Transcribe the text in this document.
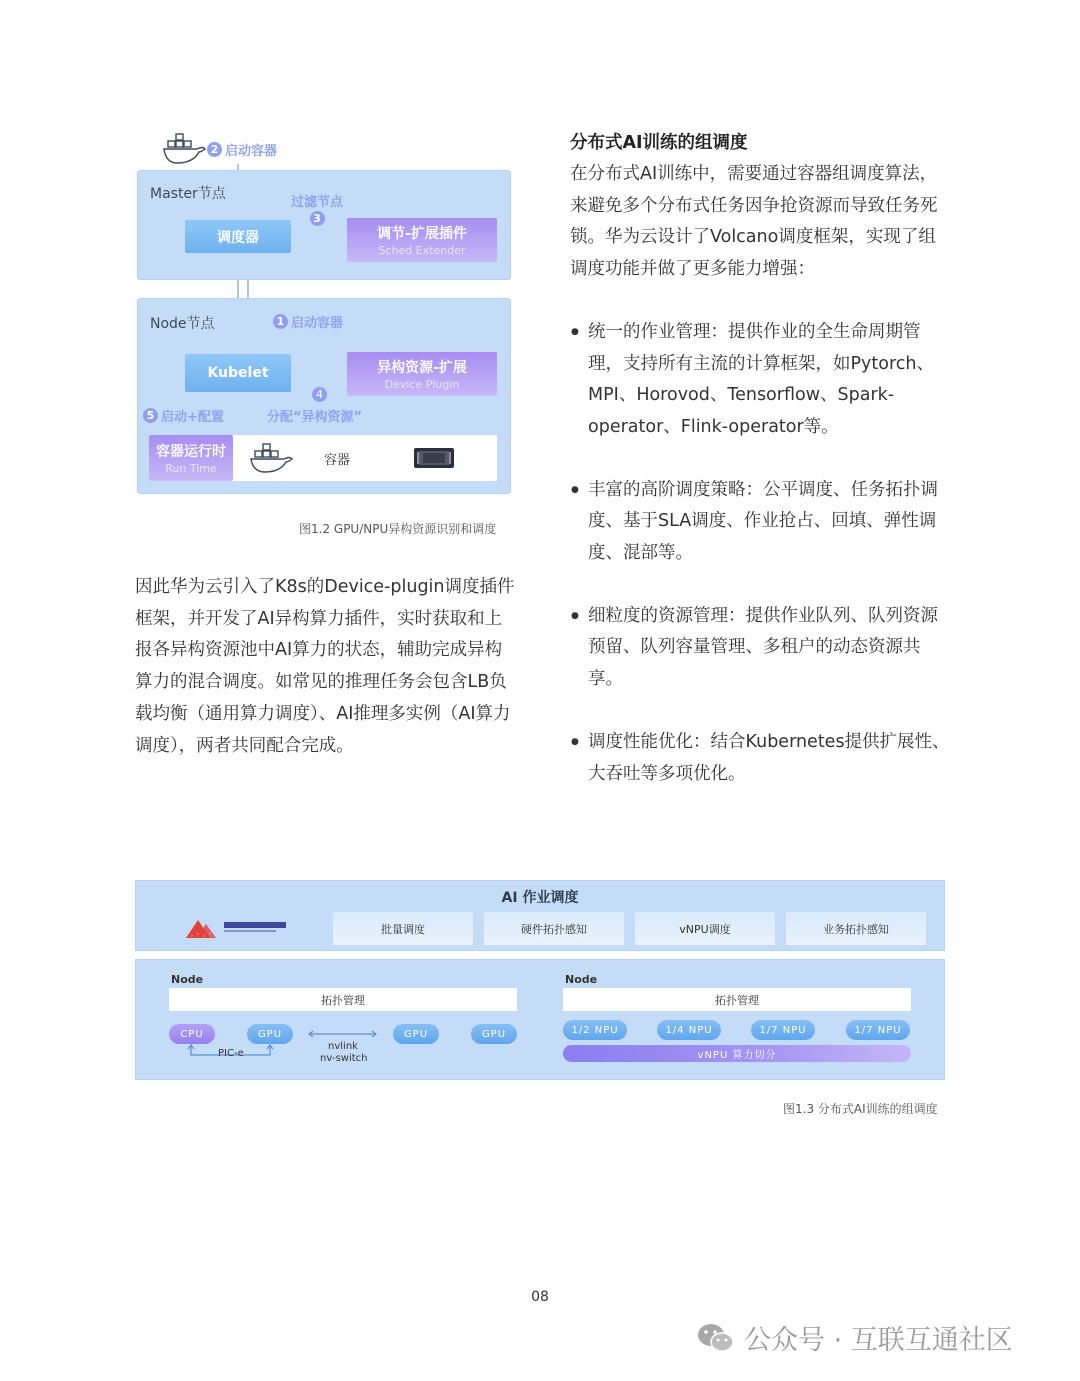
2 启动容器
Master节点
过滤节点
3
调度器	调节-扩展插件
Sched Extender
Node节点	1 启动容器
Kubelet	异构资源-扩展
Device Plugin
4
5 启动+配置	分配“异构资源”
容器运行时
Run Time
容器
图1.2 GPU/NPU异构资源识别和调度

因此华为云引入了K8s的Device-plugin调度插件框架，并开发了AI异构算力插件，实时获取和上报各异构资源池中AI算力的状态，辅助完成异构算力的混合调度。如常见的推理任务会包含LB负载均衡（通用算力调度）、AI推理多实例（AI算力调度），两者共同配合完成。

分布式AI训练的组调度

在分布式AI训练中，需要通过容器组调度算法，来避免多个分布式任务因争抢资源而导致任务死锁。华为云设计了Volcano调度框架，实现了组调度功能并做了更多能力增强：

● 统一的作业管理：提供作业的全生命周期管理，支持所有主流的计算框架，如Pytorch、MPI、Horovod、Tensorflow、Spark-operator、Flink-operator等。
● 丰富的高阶调度策略：公平调度、任务拓扑调度、基于SLA调度、作业抢占、回填、弹性调度、混部等。
● 细粒度的资源管理：提供作业队列、队列资源预留、队列容量管理、多租户的动态资源共享。
● 调度性能优化：结合Kubernetes提供扩展性、大吞吐等多项优化。
AI 作业调度
批量调度	硬件拓扑感知	vNPU调度	业务拓扑感知
Node
拓扑管理
CPU	GPU	GPU	GPU
PIC-e
nvlink
nv-switch
Node
拓扑管理
1/2 NPU	1/4 NPU	1/7 NPU	1/7 NPU
vNPU 算力切分
图1.3 分布式AI训练的组调度
08
公众号 · 互联互通社区
